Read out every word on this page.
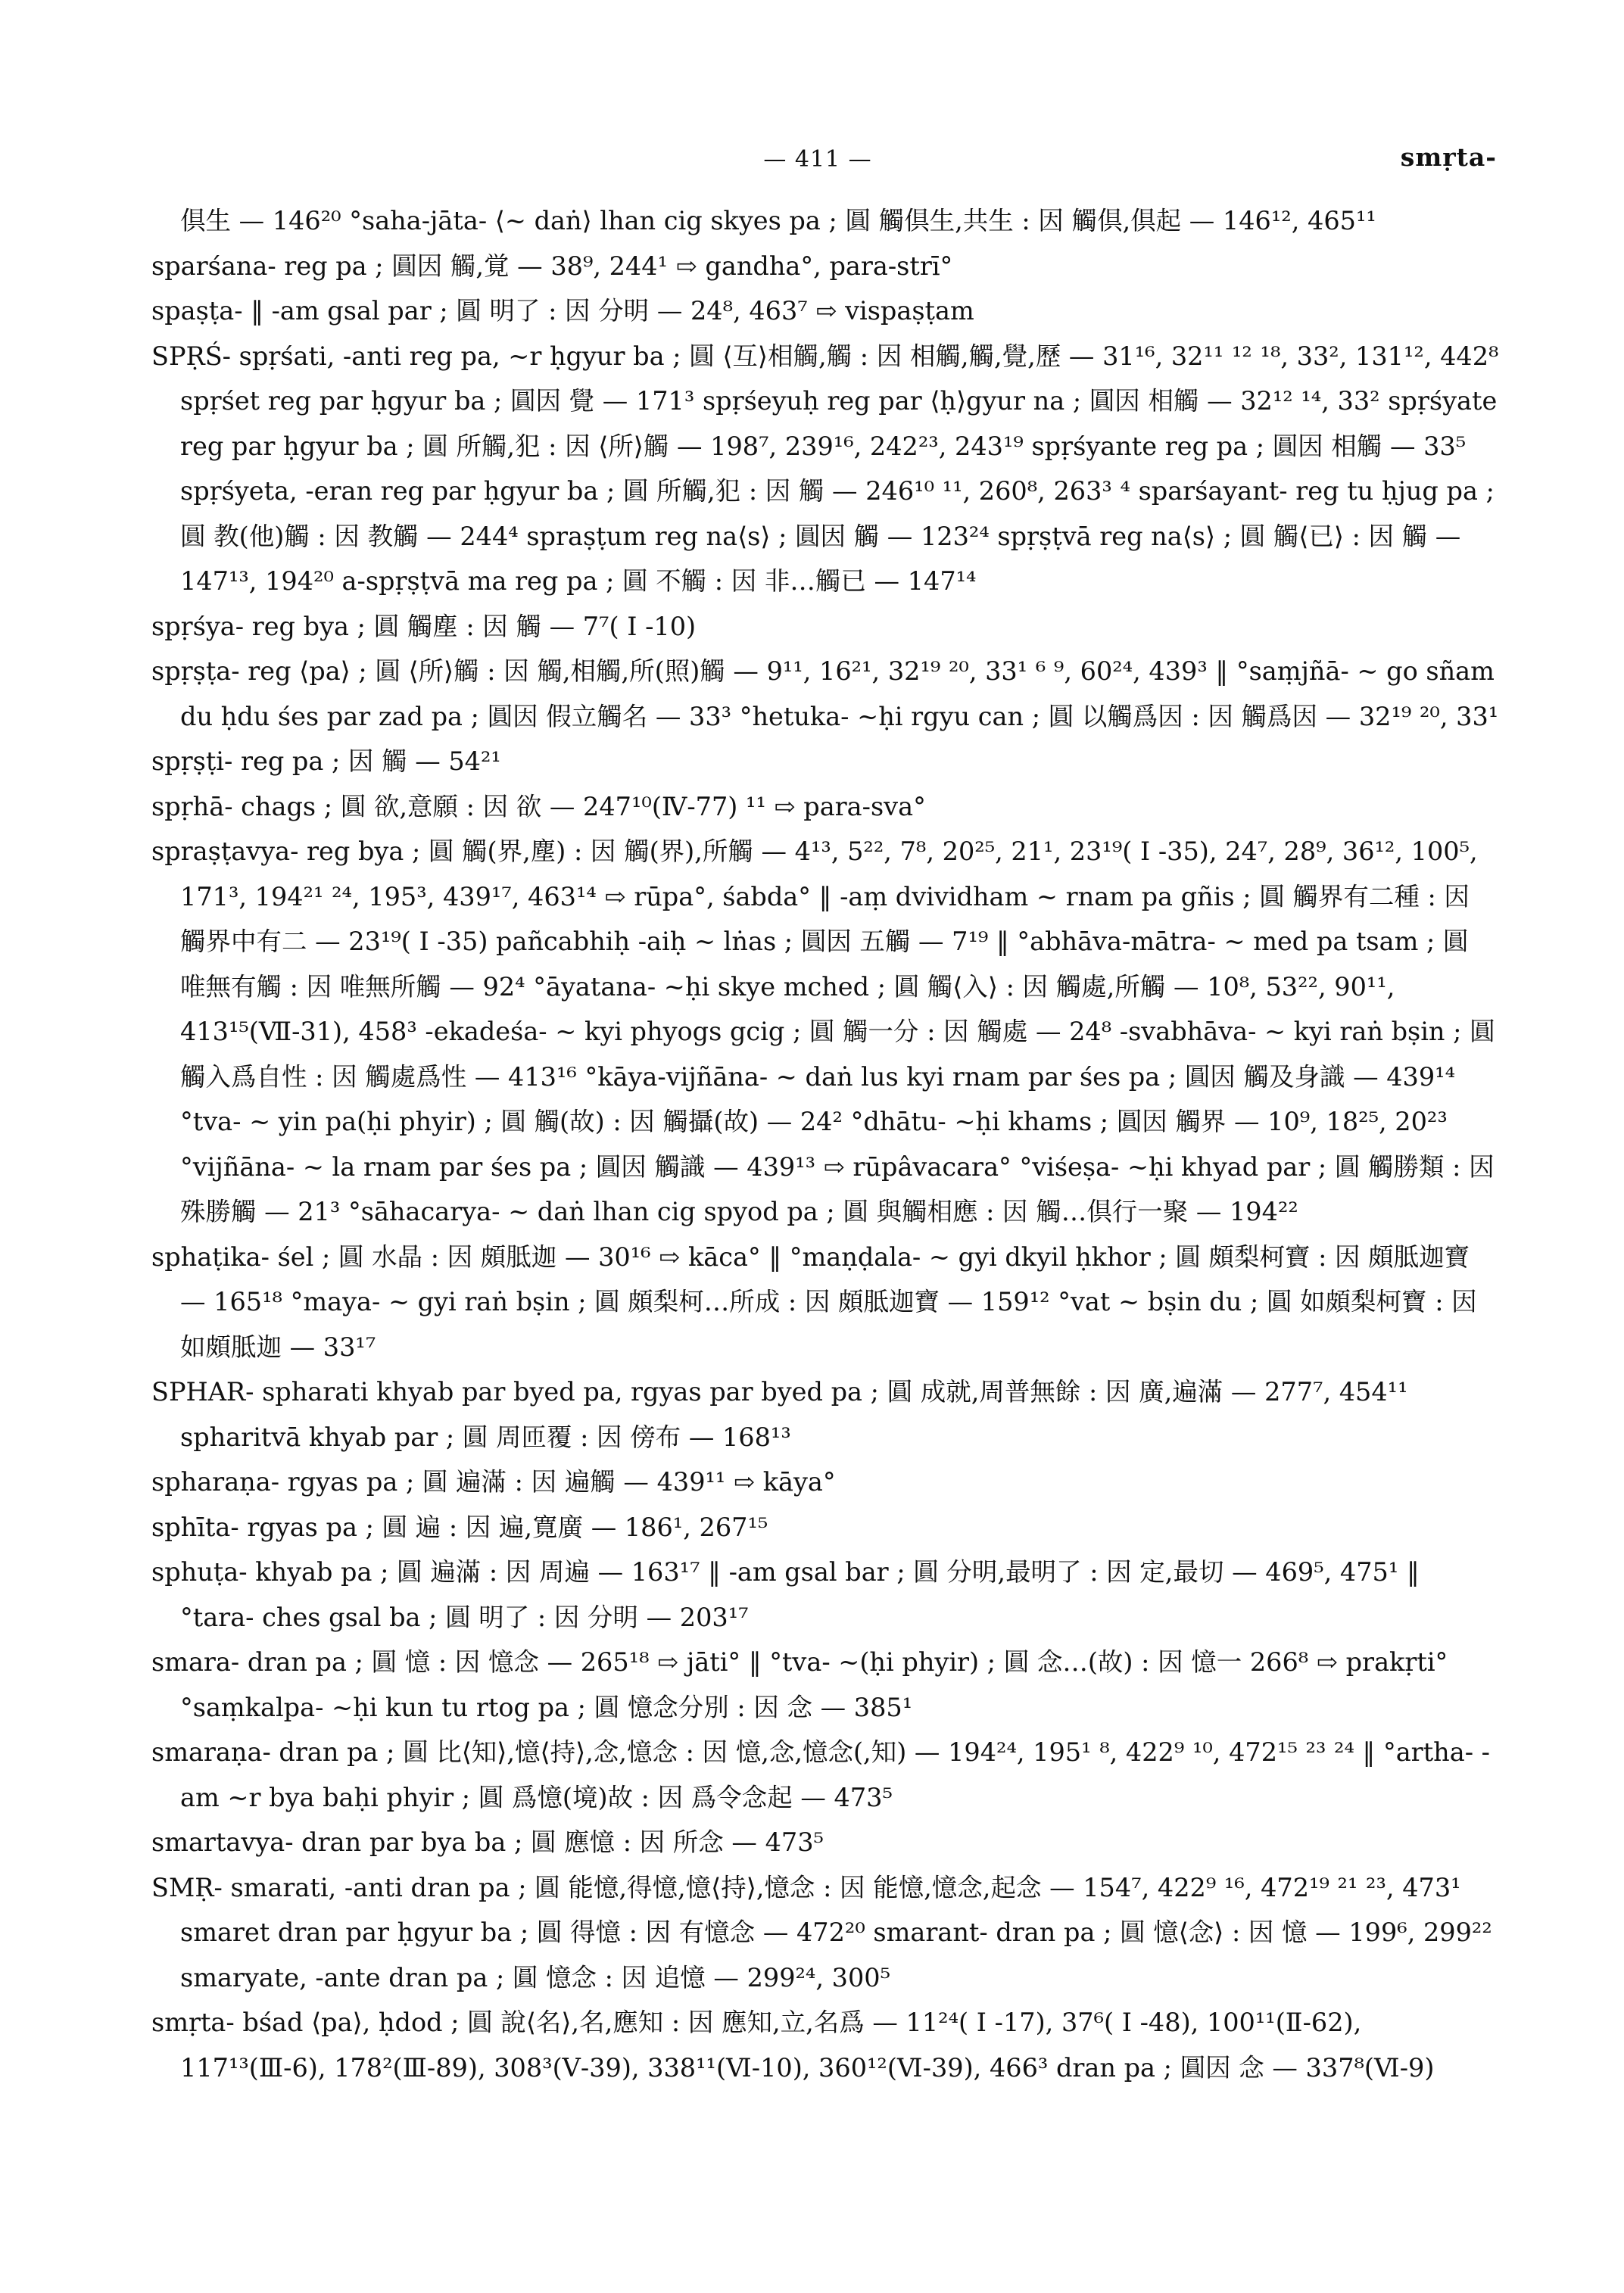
— 411 —	smṛta-

倶生 — 146²⁰ °saha-jāta- ⟨~ daṅ⟩ lhan cig skyes pa ; 圓 觸倶生,共生 : 因 觸倶,倶起 — 146¹², 465¹¹

sparśana- reg pa ; 圓因 觸,覚 — 38⁹, 244¹ ⇨ gandha°, para-strī°

spaṣṭa- ‖ -am gsal par ; 圓 明了 : 因 分明 — 24⁸, 463⁷ ⇨ vispaṣṭam

SPṚŚ- spṛśati, -anti reg pa, ~r ḥgyur ba ; 圓 ⟨互⟩相觸,觸 : 因 相觸,觸,覺,歷 — 31¹⁶, 32¹¹ ¹² ¹⁸, 33², 131¹², 442⁸ spṛśet reg par ḥgyur ba ; 圓因 覺 — 171³ spṛśeyuḥ reg par ⟨ḥ⟩gyur na ; 圓因 相觸 — 32¹² ¹⁴, 33² spṛśyate reg par ḥgyur ba ; 圓 所觸,犯 : 因 ⟨所⟩觸 — 198⁷, 239¹⁶, 242²³, 243¹⁹ spṛśyante reg pa ; 圓因 相觸 — 33⁵ spṛśyeta, -eran reg par ḥgyur ba ; 圓 所觸,犯 : 因 觸 — 246¹⁰ ¹¹, 260⁸, 263³ ⁴ sparśayant- reg tu ḥjug pa ; 圓 教(他)觸 : 因 教觸 — 244⁴ spraṣṭum reg na⟨s⟩ ; 圓因 觸 — 123²⁴ spṛṣṭvā reg na⟨s⟩ ; 圓 觸⟨已⟩ : 因 觸 — 147¹³, 194²⁰ a-spṛṣṭvā ma reg pa ; 圓 不觸 : 因 非…觸已 — 147¹⁴

spṛśya- reg bya ; 圓 觸塵 : 因 觸 — 7⁷( I -10)

spṛṣṭa- reg ⟨pa⟩ ; 圓 ⟨所⟩觸 : 因 觸,相觸,所(照)觸 — 9¹¹, 16²¹, 32¹⁹ ²⁰, 33¹ ⁶ ⁹, 60²⁴, 439³ ‖ °saṃjñā- ~ go sñam du ḥdu śes par zad pa ; 圓因 假立觸名 — 33³ °hetuka- ~ḥi rgyu can ; 圓 以觸爲因 : 因 觸爲因 — 32¹⁹ ²⁰, 33¹

spṛṣṭi- reg pa ; 因 觸 — 54²¹

spṛhā- chags ; 圓 欲,意願 : 因 欲 — 247¹⁰(Ⅳ-77) ¹¹ ⇨ para-sva°

spraṣṭavya- reg bya ; 圓 觸(界,塵) : 因 觸(界),所觸 — 4¹³, 5²², 7⁸, 20²⁵, 21¹, 23¹⁹( I -35), 24⁷, 28⁹, 36¹², 100⁵, 171³, 194²¹ ²⁴, 195³, 439¹⁷, 463¹⁴ ⇨ rūpa°, śabda° ‖ -aṃ dvividham ~ rnam pa gñis ; 圓 觸界有二種 : 因 觸界中有二 — 23¹⁹( I -35) pañcabhiḥ -aiḥ ~ lṅas ; 圓因 五觸 — 7¹⁹ ‖ °abhāva-mātra- ~ med pa tsam ; 圓 唯無有觸 : 因 唯無所觸 — 92⁴ °āyatana- ~ḥi skye mched ; 圓 觸⟨入⟩ : 因 觸處,所觸 — 10⁸, 53²², 90¹¹, 413¹⁵(Ⅶ-31), 458³ -ekadeśa- ~ kyi phyogs gcig ; 圓 觸一分 : 因 觸處 — 24⁸ -svabhāva- ~ kyi raṅ bṣin ; 圓 觸入爲自性 : 因 觸處爲性 — 413¹⁶ °kāya-vijñāna- ~ daṅ lus kyi rnam par śes pa ; 圓因 觸及身識 — 439¹⁴ °tva- ~ yin pa(ḥi phyir) ; 圓 觸(故) : 因 觸攝(故) — 24² °dhātu- ~ḥi khams ; 圓因 觸界 — 10⁹, 18²⁵, 20²³ °vijñāna- ~ la rnam par śes pa ; 圓因 觸識 — 439¹³ ⇨ rūpâvacara° °viśeṣa- ~ḥi khyad par ; 圓 觸勝類 : 因 殊勝觸 — 21³ °sāhacarya- ~ daṅ lhan cig spyod pa ; 圓 與觸相應 : 因 觸…倶行一聚 — 194²²

sphaṭika- śel ; 圓 水晶 : 因 頗胝迦 — 30¹⁶ ⇨ kāca° ‖ °maṇḍala- ~ gyi dkyil ḥkhor ; 圓 頗梨柯寶 : 因 頗胝迦寶 — 165¹⁸ °maya- ~ gyi raṅ bṣin ; 圓 頗梨柯…所成 : 因 頗胝迦寶 — 159¹² °vat ~ bṣin du ; 圓 如頗梨柯寶 : 因 如頗胝迦 — 33¹⁷

SPHAR- spharati khyab par byed pa, rgyas par byed pa ; 圓 成就,周普無餘 : 因 廣,遍滿 — 277⁷, 454¹¹ spharitvā khyab par ; 圓 周匝覆 : 因 傍布 — 168¹³

spharaṇa- rgyas pa ; 圓 遍滿 : 因 遍觸 — 439¹¹ ⇨ kāya°

sphīta- rgyas pa ; 圓 遍 : 因 遍,寛廣 — 186¹, 267¹⁵

sphuṭa- khyab pa ; 圓 遍滿 : 因 周遍 — 163¹⁷ ‖ -am gsal bar ; 圓 分明,最明了 : 因 定,最切 — 469⁵, 475¹ ‖ °tara- ches gsal ba ; 圓 明了 : 因 分明 — 203¹⁷

smara- dran pa ; 圓 憶 : 因 憶念 — 265¹⁸ ⇨ jāti° ‖ °tva- ~(ḥi phyir) ; 圓 念…(故) : 因 憶一 266⁸ ⇨ prakṛti° °saṃkalpa- ~ḥi kun tu rtog pa ; 圓 憶念分別 : 因 念 — 385¹

smaraṇa- dran pa ; 圓 比⟨知⟩,憶⟨持⟩,念,憶念 : 因 憶,念,憶念(,知) — 194²⁴, 195¹ ⁸, 422⁹ ¹⁰, 472¹⁵ ²³ ²⁴ ‖ °artha- -am ~r bya baḥi phyir ; 圓 爲憶(境)故 : 因 爲令念起 — 473⁵

smartavya- dran par bya ba ; 圓 應憶 : 因 所念 — 473⁵

SMṚ- smarati, -anti dran pa ; 圓 能憶,得憶,憶⟨持⟩,憶念 : 因 能憶,憶念,起念 — 154⁷, 422⁹ ¹⁶, 472¹⁹ ²¹ ²³, 473¹ smaret dran par ḥgyur ba ; 圓 得憶 : 因 有憶念 — 472²⁰ smarant- dran pa ; 圓 憶⟨念⟩ : 因 憶 — 199⁶, 299²² smaryate, -ante dran pa ; 圓 憶念 : 因 追憶 — 299²⁴, 300⁵

smṛta- bśad ⟨pa⟩, ḥdod ; 圓 說⟨名⟩,名,應知 : 因 應知,立,名爲 — 11²⁴( I -17), 37⁶( I -48), 100¹¹(Ⅱ-62), 117¹³(Ⅲ-6), 178²(Ⅲ-89), 308³(Ⅴ-39), 338¹¹(Ⅵ-10), 360¹²(Ⅵ-39), 466³ dran pa ; 圓因 念 — 337⁸(Ⅵ-9)
